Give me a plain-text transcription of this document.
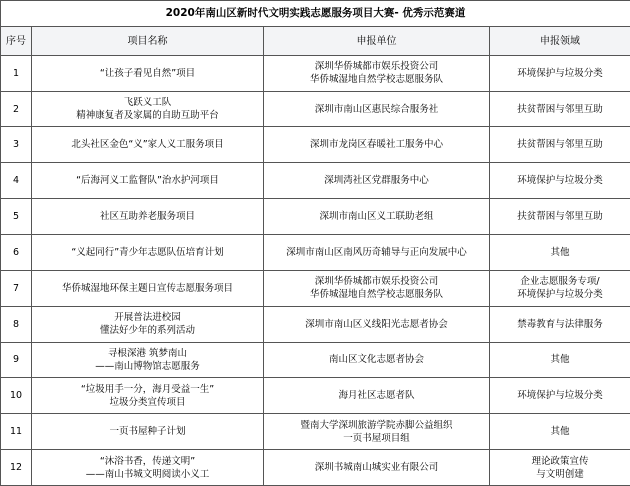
2020年南山区新时代文明实践志愿服务项目大赛- 优秀示范赛道			
序号	项目名称	申报单位	申报领域
1	“让孩子看见自然”项目	深圳华侨城都市娱乐投资公司
华侨城湿地自然学校志愿服务队	环境保护与垃圾分类

2	飞跃义工队
精神康复者及家属的自助互助平台	深圳市南山区惠民综合服务社	扶贫帮困与邻里互助

3	北头社区金色“义”家人义工服务项目	深圳市龙岗区春暖社工服务中心	扶贫帮困与邻里互助

4	“后海河义工监督队”治水护河项目	深圳湾社区党群服务中心	环境保护与垃圾分类

5	社区互助养老服务项目	深圳市南山区义工联助老组	扶贫帮困与邻里互助

6	“义起同行”青少年志愿队伍培育计划	深圳市南山区南风历奇辅导与正向发展中心	其他

7	华侨城湿地环保主题日宣传志愿服务项目	深圳华侨城都市娱乐投资公司
华侨城湿地自然学校志愿服务队	企业志愿服务专项/
环境保护与垃圾分类

8	开展普法进校园
懂法好少年的系列活动	深圳市南山区义线阳光志愿者协会	禁毒教育与法律服务

9	寻根深港 筑梦南山
——南山博物馆志愿服务	南山区文化志愿者协会	其他

10	“垃圾用手一分，海月受益一生”
垃圾分类宣传项目	海月社区志愿者队	环境保护与垃圾分类

11	一页书屋种子计划	暨南大学深圳旅游学院赤脚公益组织
一页书屋项目组	其他

12	“沐浴书香，传递文明”
——南山书城文明阅读小义工	深圳书城南山城实业有限公司	理论政策宣传
与文明创建
